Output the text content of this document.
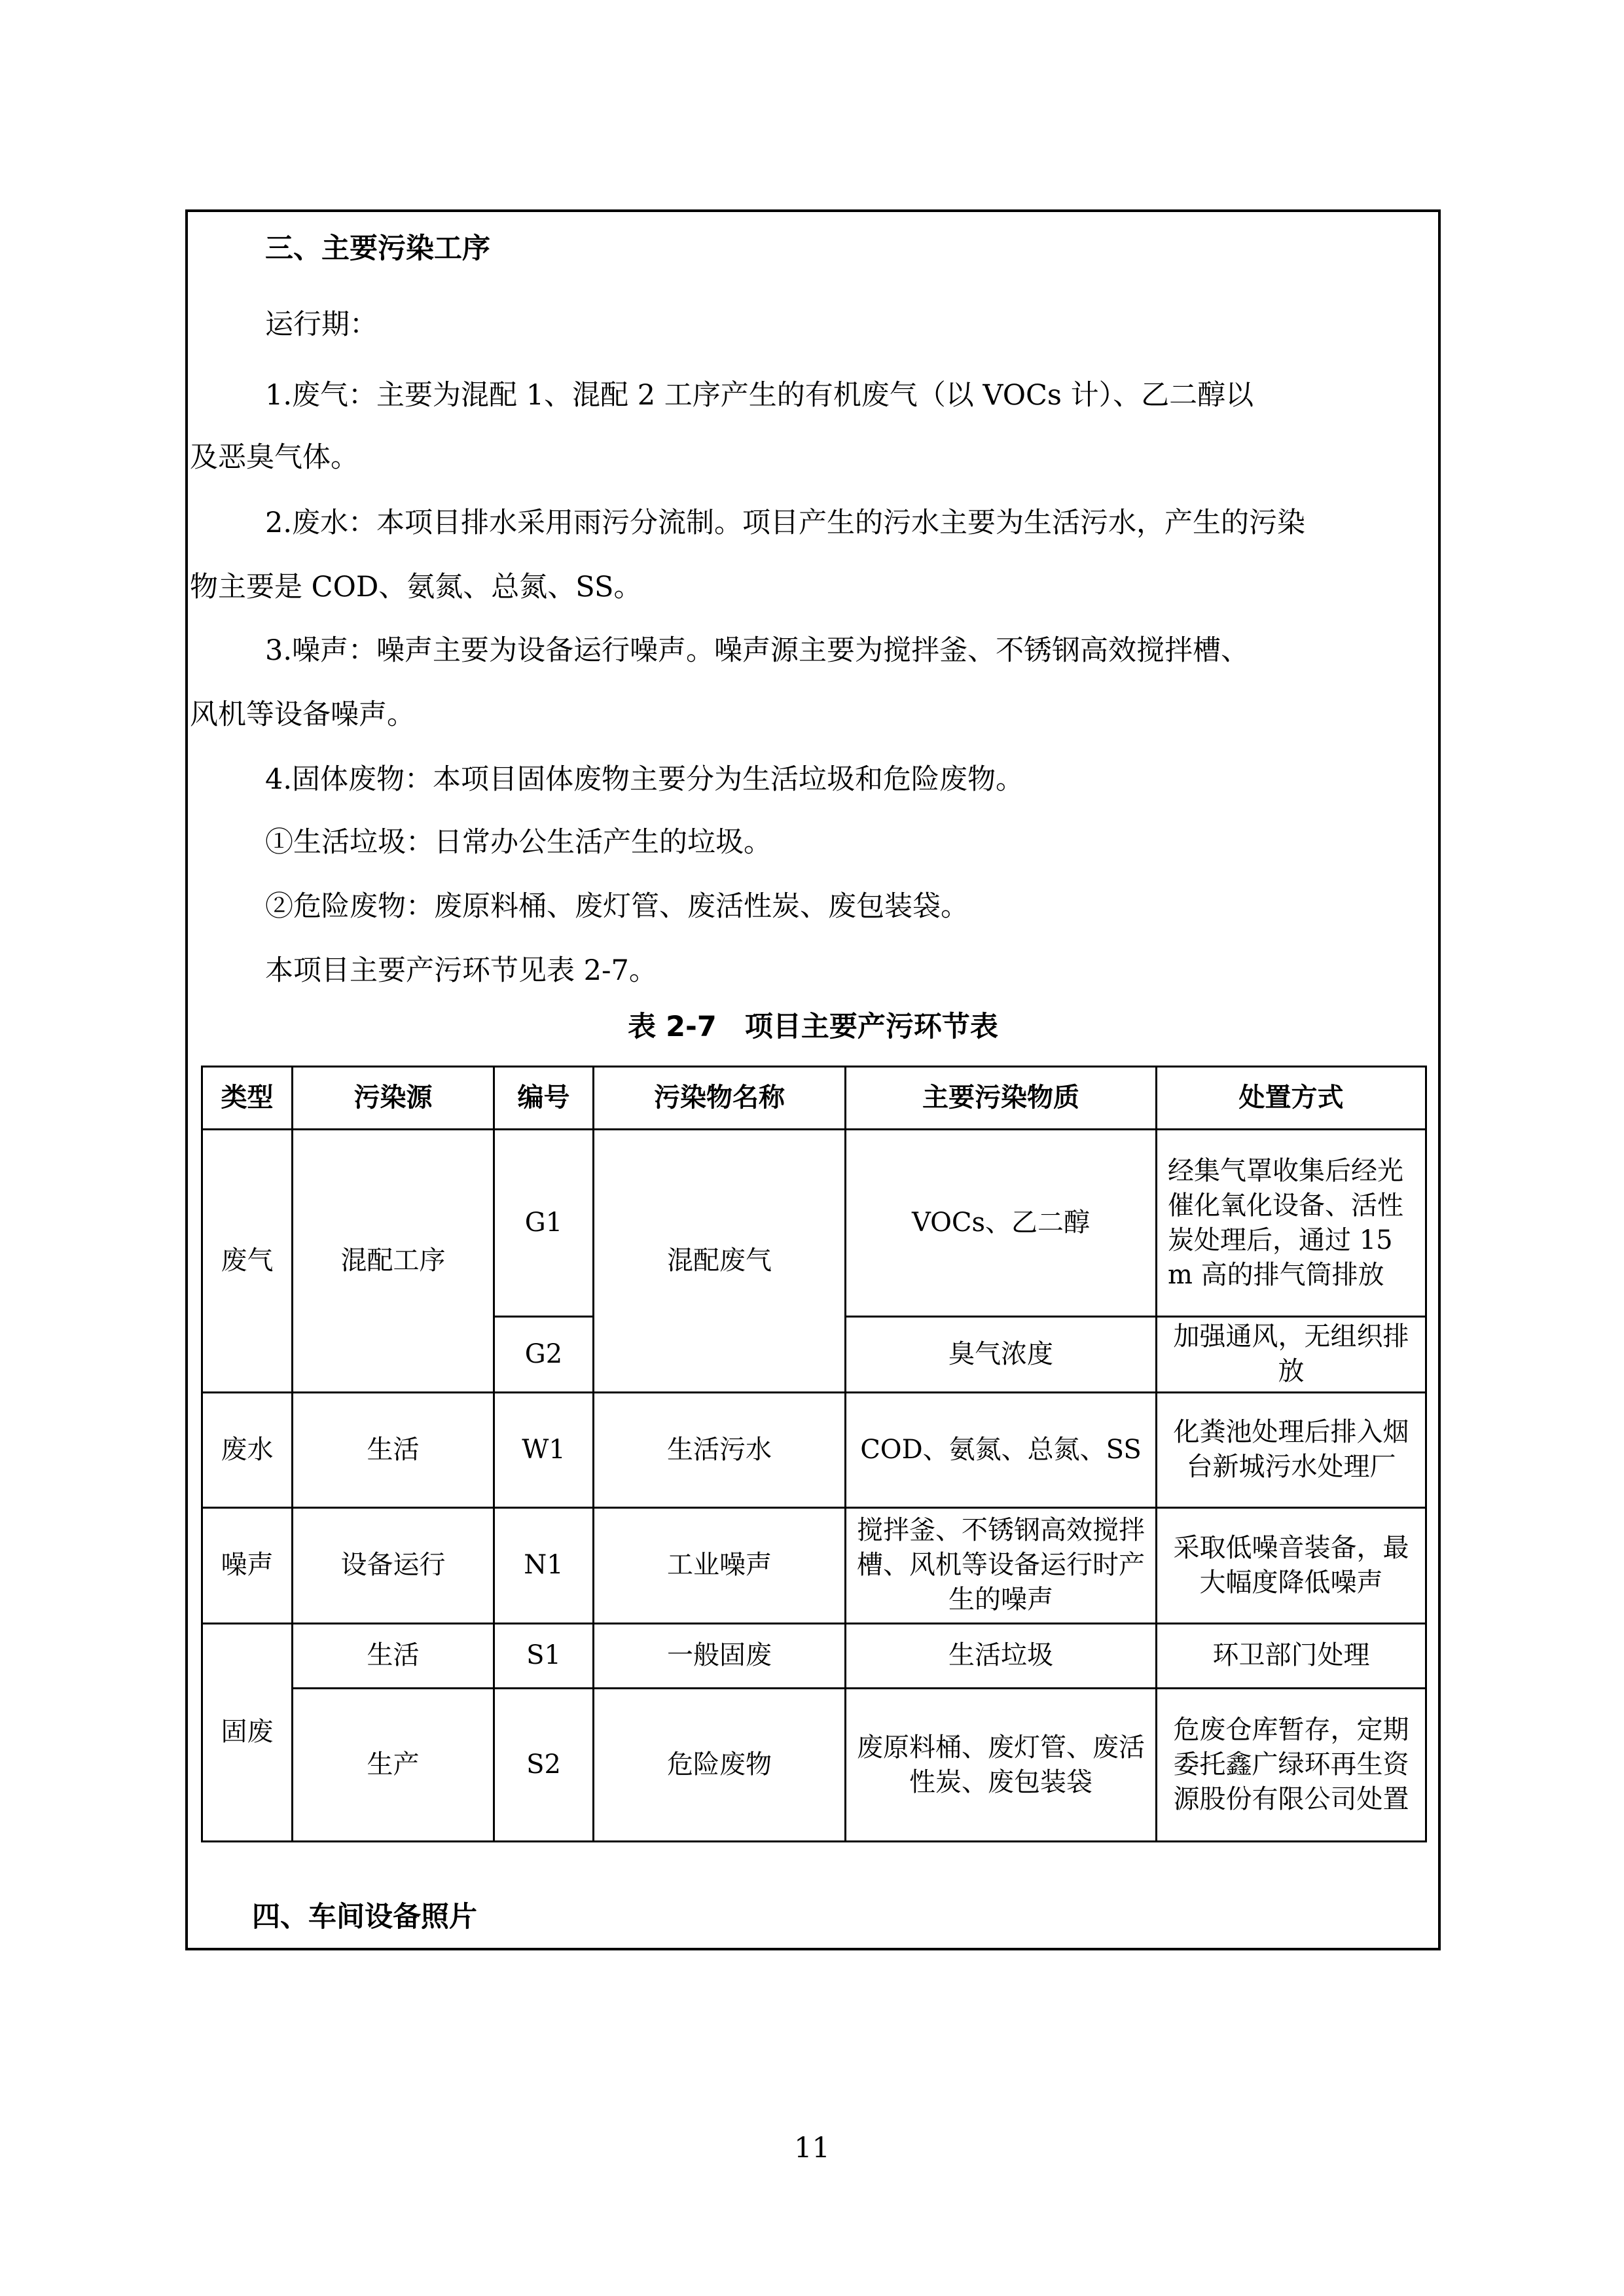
三、主要污染工序
运行期：
1.废气：主要为混配 1、混配 2 工序产生的有机废气（以 VOCs 计）、乙二醇以
及恶臭气体。
2.废水：本项目排水采用雨污分流制。项目产生的污水主要为生活污水，产生的污染
物主要是 COD、氨氮、总氮、SS。
3.噪声：噪声主要为设备运行噪声。噪声源主要为搅拌釜、不锈钢高效搅拌槽、
风机等设备噪声。
4.固体废物：本项目固体废物主要分为生活垃圾和危险废物。
①生活垃圾：日常办公生活产生的垃圾。
②危险废物：废原料桶、废灯管、废活性炭、废包装袋。
本项目主要产污环节见表 2-7。
表 2-7　项目主要产污环节表
类型	污染源	编号	污染物名称	主要污染物质	处置方式
废气	混配工序	G1	混配废气	VOCs、乙二醇	经集气罩收集后经光催化氧化设备、活性炭处理后，通过 15m 高的排气筒排放
		G2		臭气浓度	加强通风，无组织排放
废水	生活	W1	生活污水	COD、氨氮、总氮、SS	化粪池处理后排入烟台新城污水处理厂
噪声	设备运行	N1	工业噪声	搅拌釜、不锈钢高效搅拌槽、风机等设备运行时产生的噪声	采取低噪音装备，最大幅度降低噪声
固废	生活	S1	一般固废	生活垃圾	环卫部门处理
	生产	S2	危险废物	废原料桶、废灯管、废活性炭、废包装袋	危废仓库暂存，定期委托鑫广绿环再生资源股份有限公司处置
四、车间设备照片
11
